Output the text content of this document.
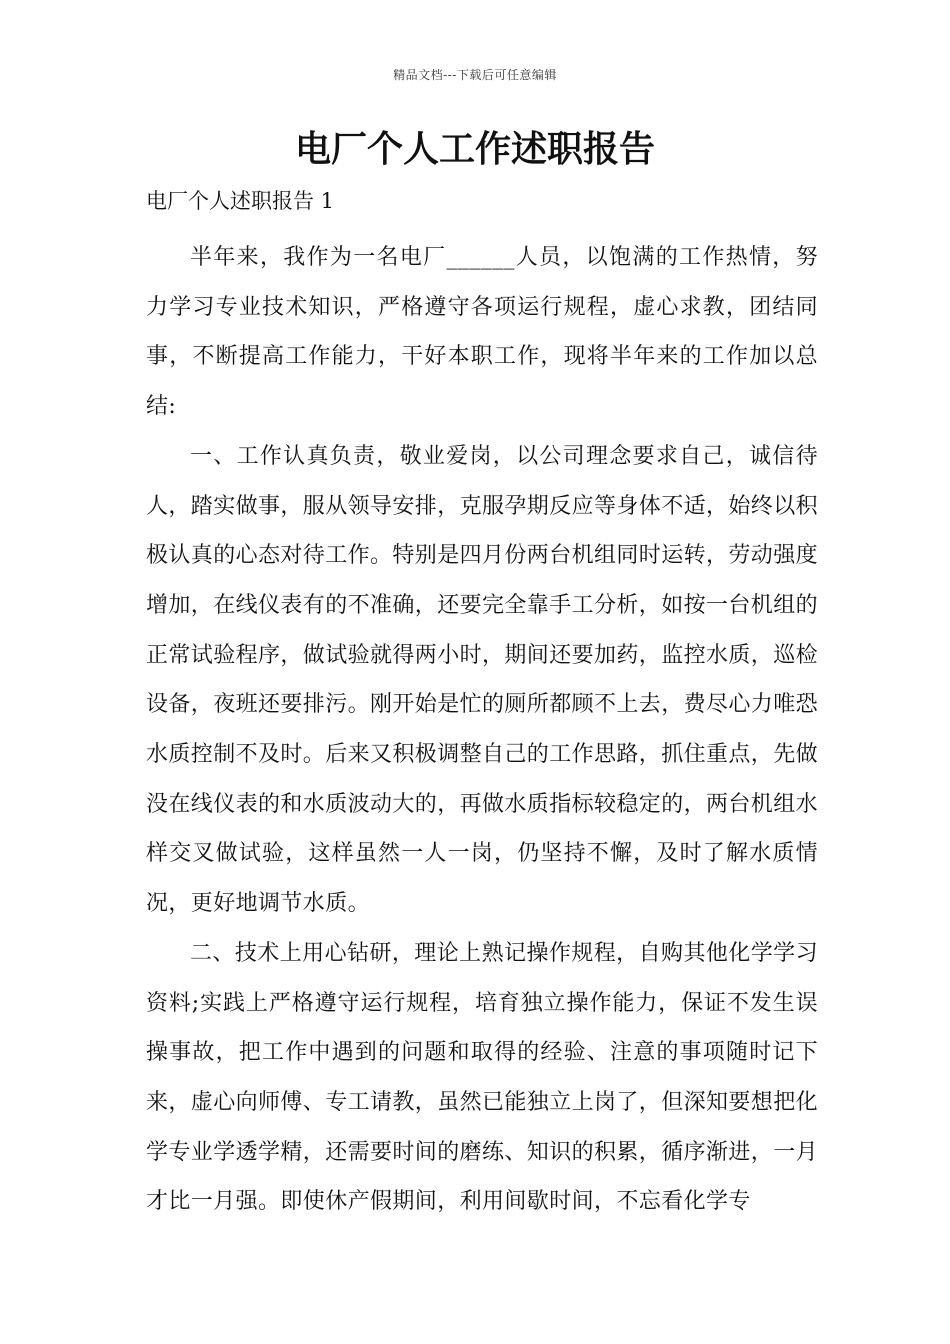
精品文档---下载后可任意编辑
电厂个人工作述职报告
电厂个人述职报告 1

半年来，我作为一名电厂______人员，以饱满的工作热情，努力学习专业技术知识，严格遵守各项运行规程，虚心求教，团结同事，不断提高工作能力，干好本职工作，现将半年来的工作加以总结:

一、工作认真负责，敬业爱岗，以公司理念要求自己，诚信待人，踏实做事，服从领导安排，克服孕期反应等身体不适，始终以积极认真的心态对待工作。特别是四月份两台机组同时运转，劳动强度增加，在线仪表有的不准确，还要完全靠手工分析，如按一台机组的正常试验程序，做试验就得两小时，期间还要加药，监控水质，巡检设备，夜班还要排污。刚开始是忙的厕所都顾不上去，费尽心力唯恐水质控制不及时。后来又积极调整自己的工作思路，抓住重点，先做没在线仪表的和水质波动大的，再做水质指标较稳定的，两台机组水样交叉做试验，这样虽然一人一岗，仍坚持不懈，及时了解水质情况，更好地调节水质。

二、技术上用心钻研，理论上熟记操作规程，自购其他化学学习资料;实践上严格遵守运行规程，培育独立操作能力，保证不发生误操事故，把工作中遇到的问题和取得的经验、注意的事项随时记下来，虚心向师傅、专工请教，虽然已能独立上岗了，但深知要想把化学专业学透学精，还需要时间的磨练、知识的积累，循序渐进，一月才比一月强。即使休产假期间，利用间歇时间，不忘看化学专
